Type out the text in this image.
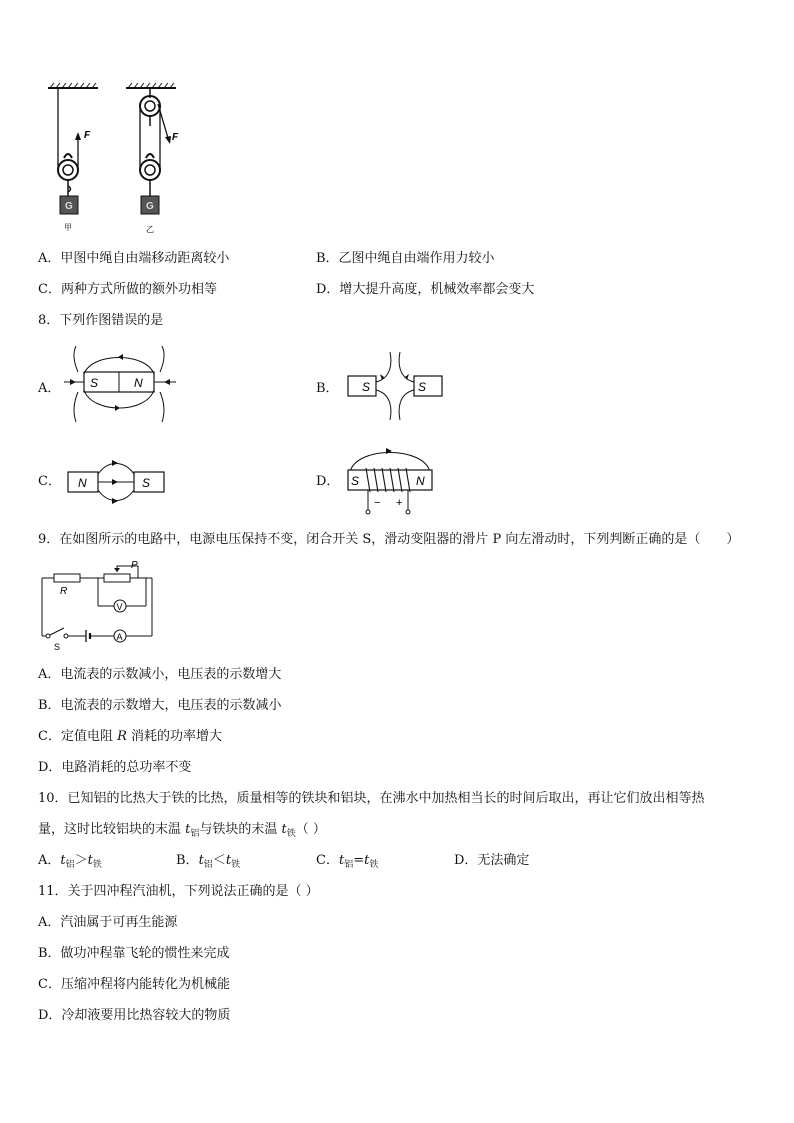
F
G
甲
F
G
乙
A．甲图中绳自由端移动距离较小	B．乙图中绳自由端作用力较小
C．两种方式所做的额外功相等	D．增大提升高度，机械效率都会变大
8．下列作图错误的是
A． S	N	B． S	S
C． N	S	D． S	N
− +
9．在如图所示的电路中，电源电压保持不变，闭合开关 S，滑动变阻器的滑片 P 向左滑动时，下列判断正确的是（　　）
R
P
V
S
A
A．电流表的示数减小，电压表的示数增大
B．电流表的示数增大，电压表的示数减小
C．定值电阻 R 消耗的功率增大
D．电路消耗的总功率不变
10．已知铝的比热大于铁的比热，质量相等的铁块和铝块，在沸水中加热相当长的时间后取出，再让它们放出相等热
量，这时比较铝块的末温 $t_铝$与铁块的末温 $t_铁$（ ）
A．$t_铝>t_铁$	B．$t_铝<t_铁$	C．$t_铝=t_铁$	D．无法确定
11．关于四冲程汽油机，下列说法正确的是（ ）
A．汽油属于可再生能源
B．做功冲程靠飞轮的惯性来完成
C．压缩冲程将内能转化为机械能
D．冷却液要用比热容较大的物质
